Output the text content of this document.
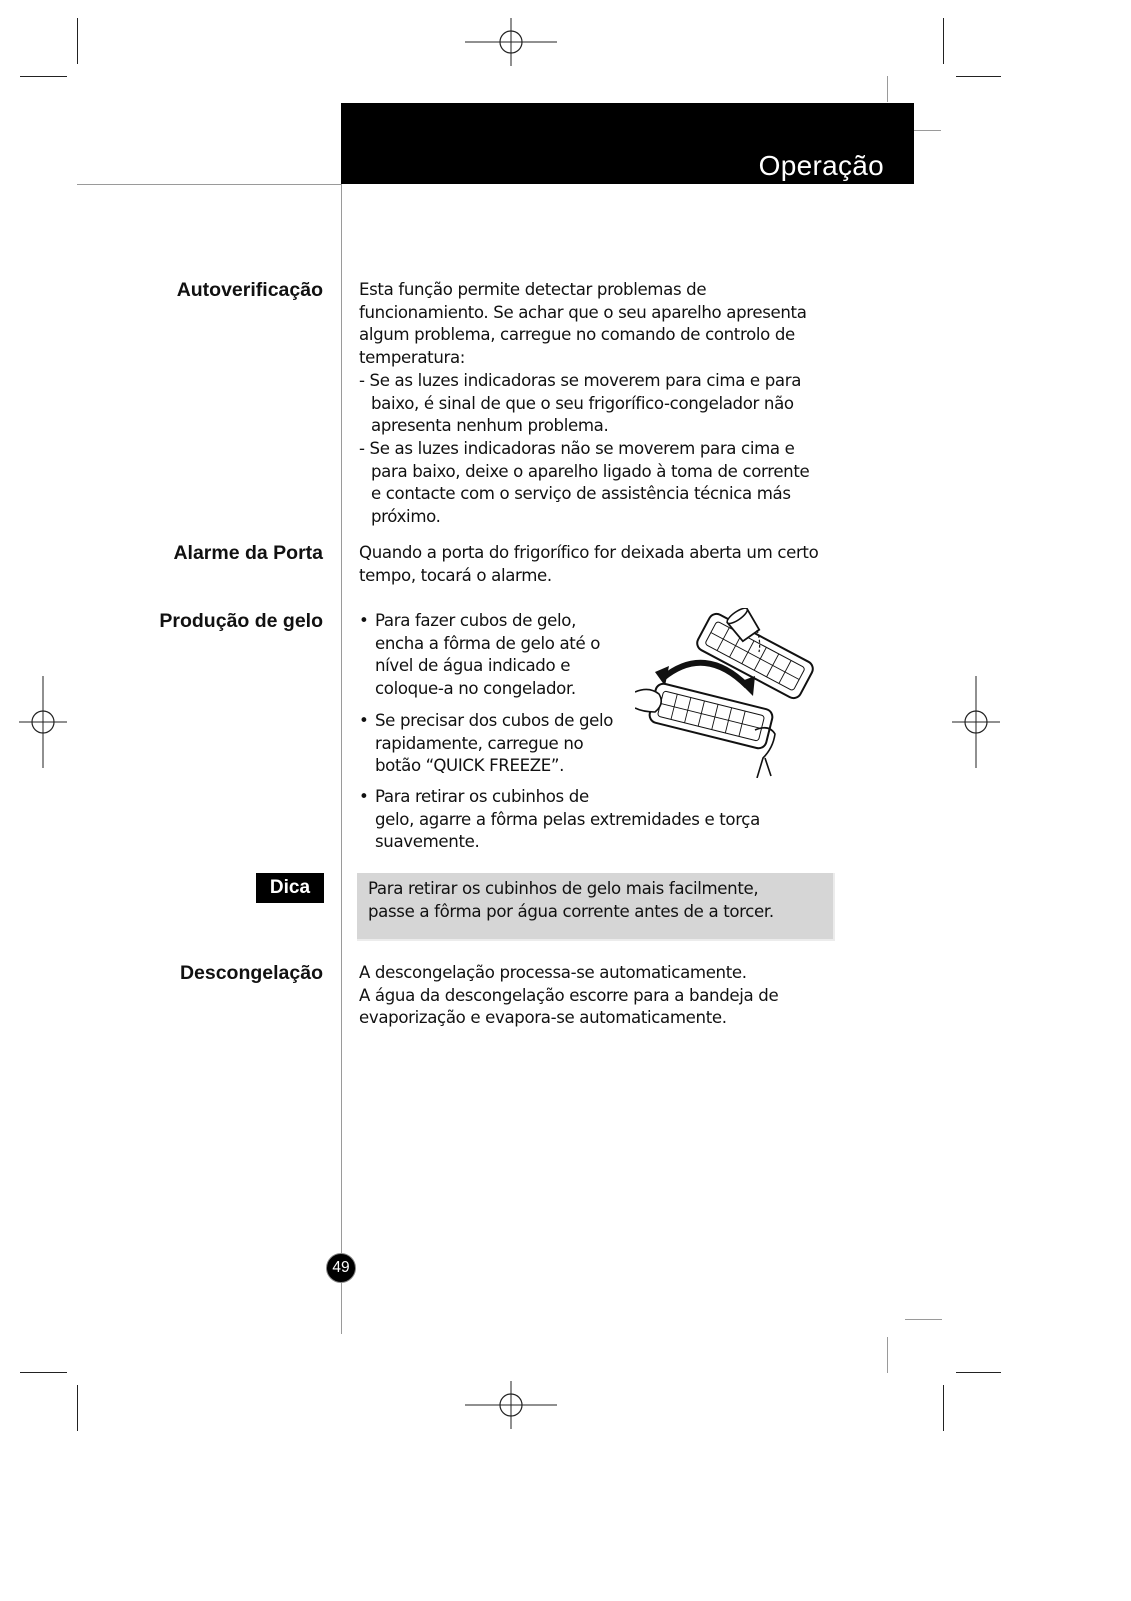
Operação
Autoverificação Esta função permite detectar problemas de
funcionamiento. Se achar que o seu aparelho apresenta
algum problema, carregue no comando de controlo de
temperatura:
- Se as luzes indicadoras se moverem para cima e para
baixo, é sinal de que o seu frigorífico-congelador não
apresenta nenhum problema.
- Se as luzes indicadoras não se moverem para cima e
para baixo, deixe o aparelho ligado à toma de corrente
e contacte com o serviço de assistência técnica más
próximo.
Alarme da Porta Quando a porta do frigorífico for deixada aberta um certo
tempo, tocará o alarme.
Produção de gelo • Para fazer cubos de gelo,
encha a fôrma de gelo até o
nível de água indicado e
coloque-a no congelador.
• Se precisar dos cubos de gelo
rapidamente, carregue no
botão “QUICK FREEZE”.
• Para retirar os cubinhos de
gelo, agarre a fôrma pelas extremidades e torça
suavemente.
Dica	Para retirar os cubinhos de gelo mais facilmente,
passe a fôrma por água corrente antes de a torcer.
Descongelação A descongelação processa-se automaticamente.
A água da descongelação escorre para a bandeja de
evaporização e evapora-se automaticamente.
49
